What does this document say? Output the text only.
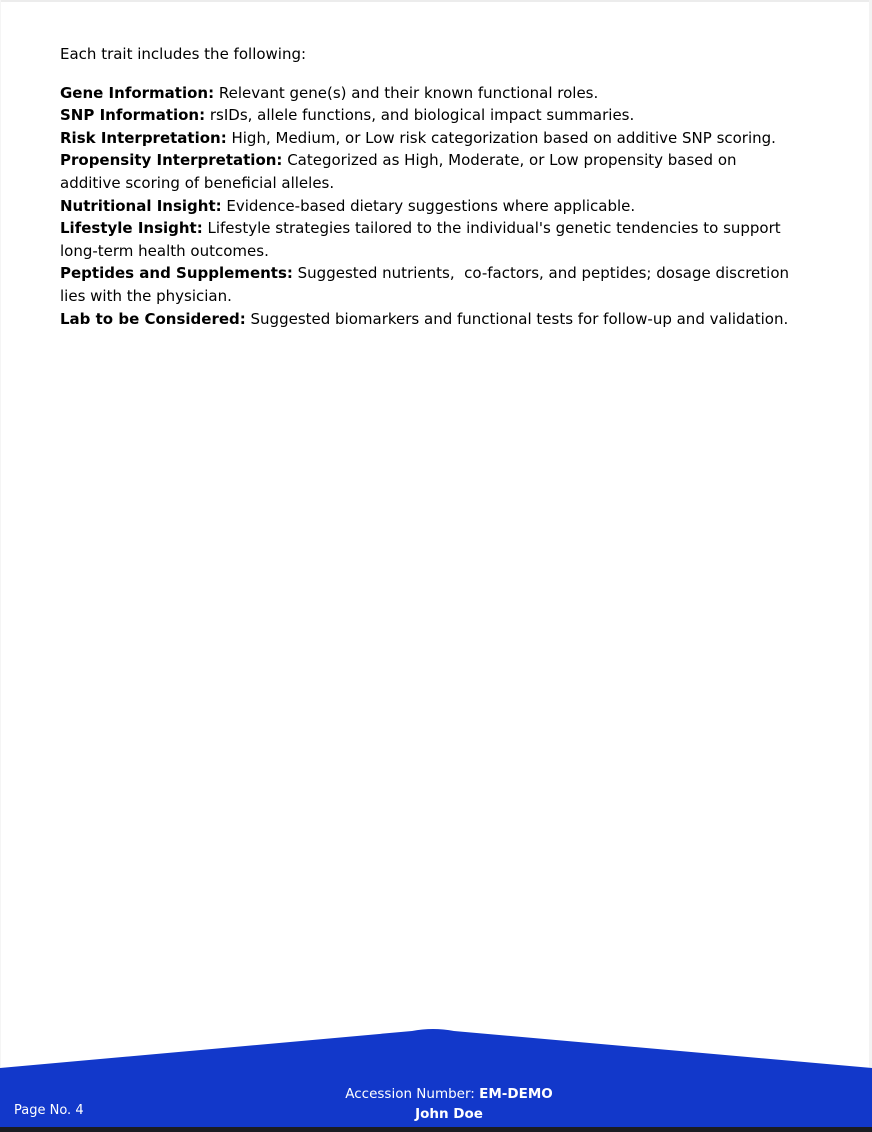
Each trait includes the following:

Gene Information: Relevant gene(s) and their known functional roles.
SNP Information: rsIDs, allele functions, and biological impact summaries.
Risk Interpretation: High, Medium, or Low risk categorization based on additive SNP scoring.
Propensity Interpretation: Categorized as High, Moderate, or Low propensity based on additive scoring of beneficial alleles.
Nutritional Insight: Evidence-based dietary suggestions where applicable.
Lifestyle Insight: Lifestyle strategies tailored to the individual's genetic tendencies to support long-term health outcomes.
Peptides and Supplements: Suggested nutrients,  co-factors, and peptides; dosage discretion lies with the physician.
Lab to be Considered: Suggested biomarkers and functional tests for follow-up and validation.
Accession Number: EM-DEMO
John Doe
Page No. 4
